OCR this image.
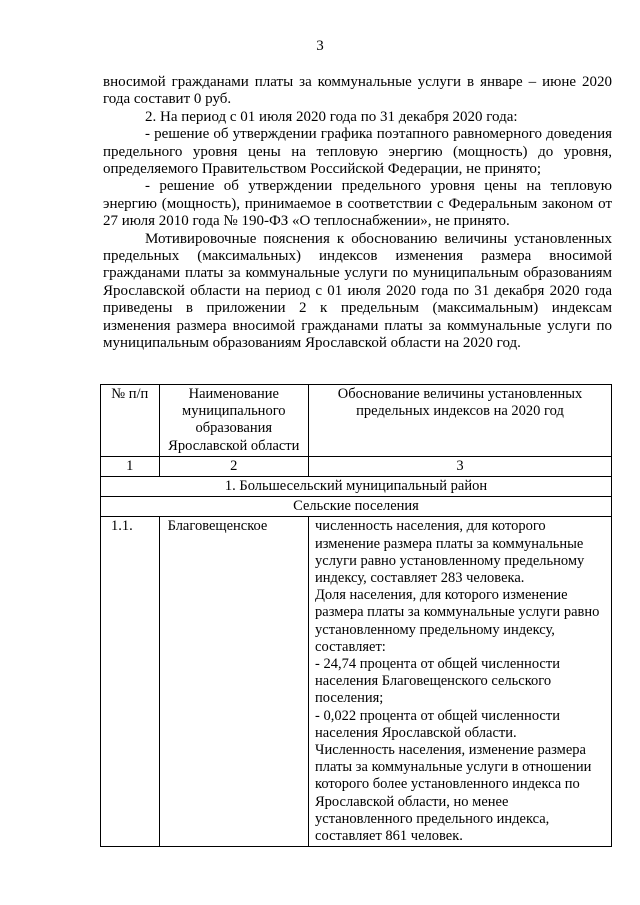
3

вносимой гражданами платы за коммунальные услуги в январе – июне 2020 года составит 0 руб.

2. На период с 01 июля 2020 года по 31 декабря 2020 года:

- решение об утверждении графика поэтапного равномерного доведения предельного уровня цены на тепловую энергию (мощность) до уровня, определяемого Правительством Российской Федерации, не принято;

- решение об утверждении предельного уровня цены на тепловую энергию (мощность), принимаемое в соответствии с Федеральным законом от 27 июля 2010 года № 190-ФЗ «О теплоснабжении», не принято.

Мотивировочные пояснения к обоснованию величины установленных предельных (максимальных) индексов изменения размера вносимой гражданами платы за коммунальные услуги по муниципальным образованиям Ярославской области на период с 01 июля 2020 года по 31 декабря 2020 года приведены в приложении 2 к предельным (максимальным) индексам изменения размера вносимой гражданами платы за коммунальные услуги по муниципальным образованиям Ярославской области на 2020 год.

№ п/п	Наименование муниципального образования Ярославской области	Обоснование величины установленных предельных индексов на 2020 год
1	2	3
1. Большесельский муниципальный район		
Сельские поселения		
1.1.	Благовещенское	численность населения, для которого изменение размера платы за коммунальные услуги равно установленному предельному индексу, составляет 283 человека.
Доля населения, для которого изменение размера платы за коммунальные услуги равно установленному предельному индексу, составляет:
- 24,74 процента от общей численности населения Благовещенского сельского поселения;
- 0,022 процента от общей численности населения Ярославской области.
Численность населения, изменение размера платы за коммунальные услуги в отношении которого более установленного индекса по Ярославской области, но менее установленного предельного индекса, составляет 861 человек.
